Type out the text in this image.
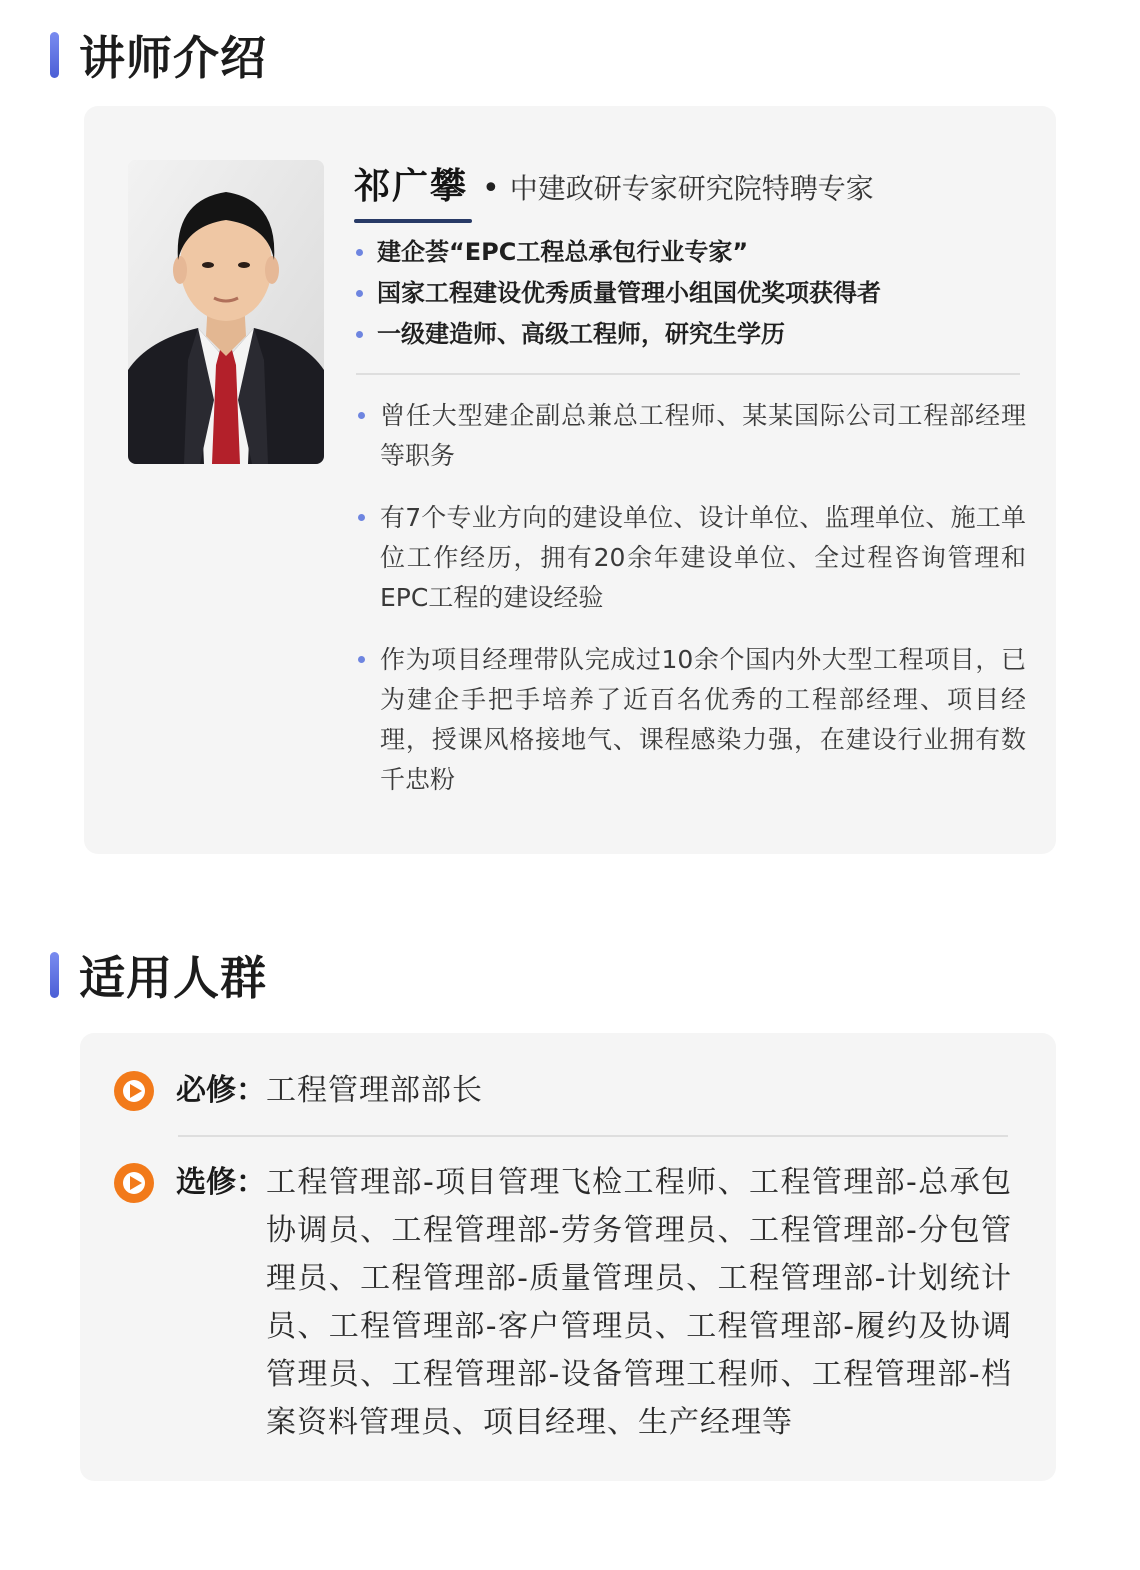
讲师介绍
祁广攀 • 中建政研专家研究院特聘专家
建企荟“EPC工程总承包行业专家”
国家工程建设优秀质量管理小组国优奖项获得者
一级建造师、高级工程师，研究生学历
曾任大型建企副总兼总工程师、某某国际公司工程部经理等职务
有7个专业方向的建设单位、设计单位、监理单位、施工单位工作经历，拥有20余年建设单位、全过程咨询管理和EPC工程的建设经验
作为项目经理带队完成过10余个国内外大型工程项目，已为建企手把手培养了近百名优秀的工程部经理、项目经理，授课风格接地气、课程感染力强，在建设行业拥有数千忠粉
适用人群
必修： 工程管理部部长
选修： 工程管理部-项目管理飞检工程师、工程管理部-总承包协调员、工程管理部-劳务管理员、工程管理部-分包管理员、工程管理部-质量管理员、工程管理部-计划统计员、工程管理部-客户管理员、工程管理部-履约及协调管理员、工程管理部-设备管理工程师、工程管理部-档案资料管理员、项目经理、生产经理等
